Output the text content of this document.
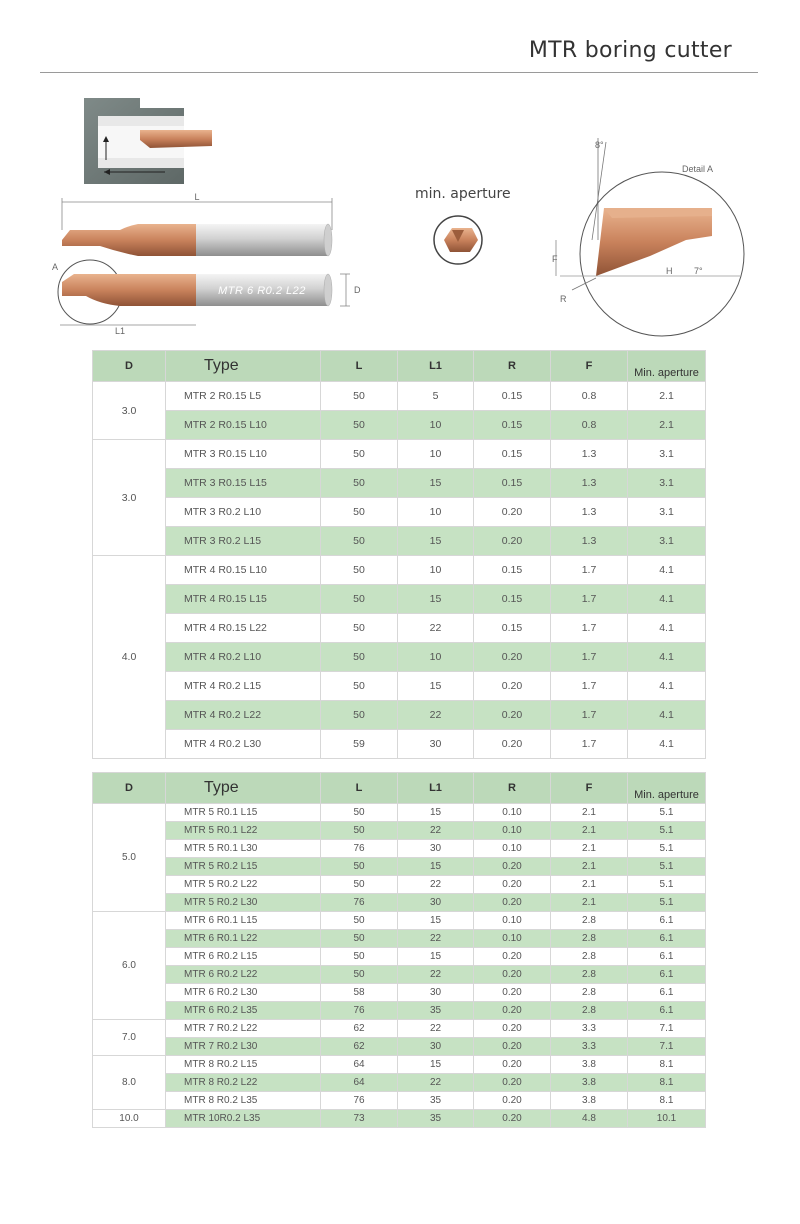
MTR boring cutter
L
MTR 6 R0.2 L22
A
L1
D
min. aperture
8°
Detail A
F
H 7°
R
D	Type	L	L1	R	F	Min. aperture
3.0	MTR 2 R0.15 L5	50	5	0.15	0.8	2.1
	MTR 2 R0.15 L10	50	10	0.15	0.8	2.1
3.0	MTR 3 R0.15 L10	50	10	0.15	1.3	3.1
	MTR 3 R0.15 L15	50	15	0.15	1.3	3.1
	MTR 3 R0.2 L10	50	10	0.20	1.3	3.1
	MTR 3 R0.2 L15	50	15	0.20	1.3	3.1
4.0	MTR 4 R0.15 L10	50	10	0.15	1.7	4.1
	MTR 4 R0.15 L15	50	15	0.15	1.7	4.1
	MTR 4 R0.15 L22	50	22	0.15	1.7	4.1
	MTR 4 R0.2 L10	50	10	0.20	1.7	4.1
	MTR 4 R0.2 L15	50	15	0.20	1.7	4.1
	MTR 4 R0.2 L22	50	22	0.20	1.7	4.1
	MTR 4 R0.2 L30	59	30	0.20	1.7	4.1
D	Type	L	L1	R	F	Min. aperture
5.0	MTR 5 R0.1 L15	50	15	0.10	2.1	5.1
	MTR 5 R0.1 L22	50	22	0.10	2.1	5.1
	MTR 5 R0.1 L30	76	30	0.10	2.1	5.1
	MTR 5 R0.2 L15	50	15	0.20	2.1	5.1
	MTR 5 R0.2 L22	50	22	0.20	2.1	5.1
	MTR 5 R0.2 L30	76	30	0.20	2.1	5.1
6.0	MTR 6 R0.1 L15	50	15	0.10	2.8	6.1
	MTR 6 R0.1 L22	50	22	0.10	2.8	6.1
	MTR 6 R0.2 L15	50	15	0.20	2.8	6.1
	MTR 6 R0.2 L22	50	22	0.20	2.8	6.1
	MTR 6 R0.2 L30	58	30	0.20	2.8	6.1
	MTR 6 R0.2 L35	76	35	0.20	2.8	6.1
7.0	MTR 7 R0.2 L22	62	22	0.20	3.3	7.1
	MTR 7 R0.2 L30	62	30	0.20	3.3	7.1
8.0	MTR 8 R0.2 L15	64	15	0.20	3.8	8.1
	MTR 8 R0.2 L22	64	22	0.20	3.8	8.1
	MTR 8 R0.2 L35	76	35	0.20	3.8	8.1
10.0	MTR 10R0.2 L35	73	35	0.20	4.8	10.1
